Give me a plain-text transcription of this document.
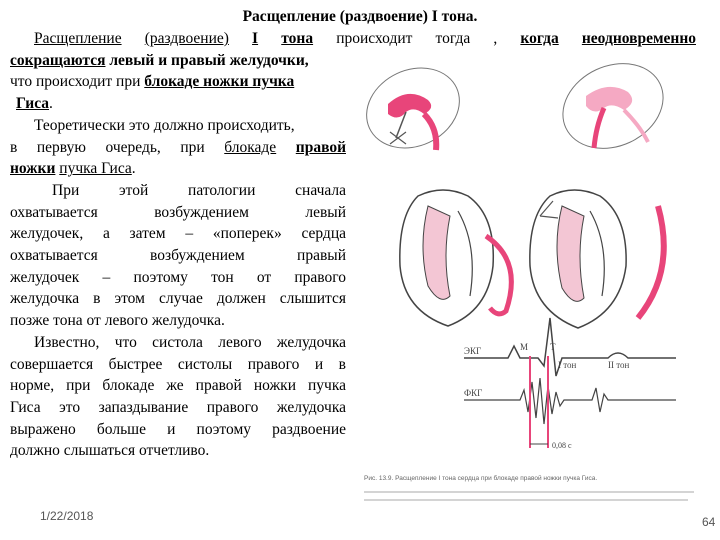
Расщепление (раздвоение) I тона.
Расщепление (раздвоение) I тона происходит тогда , когда неодновременно
сокращаются левый и правый желудочки,
что происходит при блокаде ножки пучка
Гиса.
Теоретически это должно происходить,
в первую очередь, при блокаде правой
ножки пучка Гиса.
При этой патологии сначала
охватывается возбуждением левый
желудочек, а затем – «поперек» сердца
охватывается возбуждением правый
желудочек – поэтому тон от правого
желудочка в этом случае должен слышится
позже тона от левого желудочка.
Известно, что систола левого желудочка
совершается быстрее систолы правого и в
норме, при блокаде же правой ножки пучка
Гиса это запаздывание правого желудочка
выражено больше и поэтому раздвоение
должно слышаться отчетливо.
M T
I тон	II тон
ЭКГ
ФКГ
0,08 с
Рис. 13.9. Расщепление I тона сердца при блокаде правой ножки пучка Гиса.
1/22/2018	64
